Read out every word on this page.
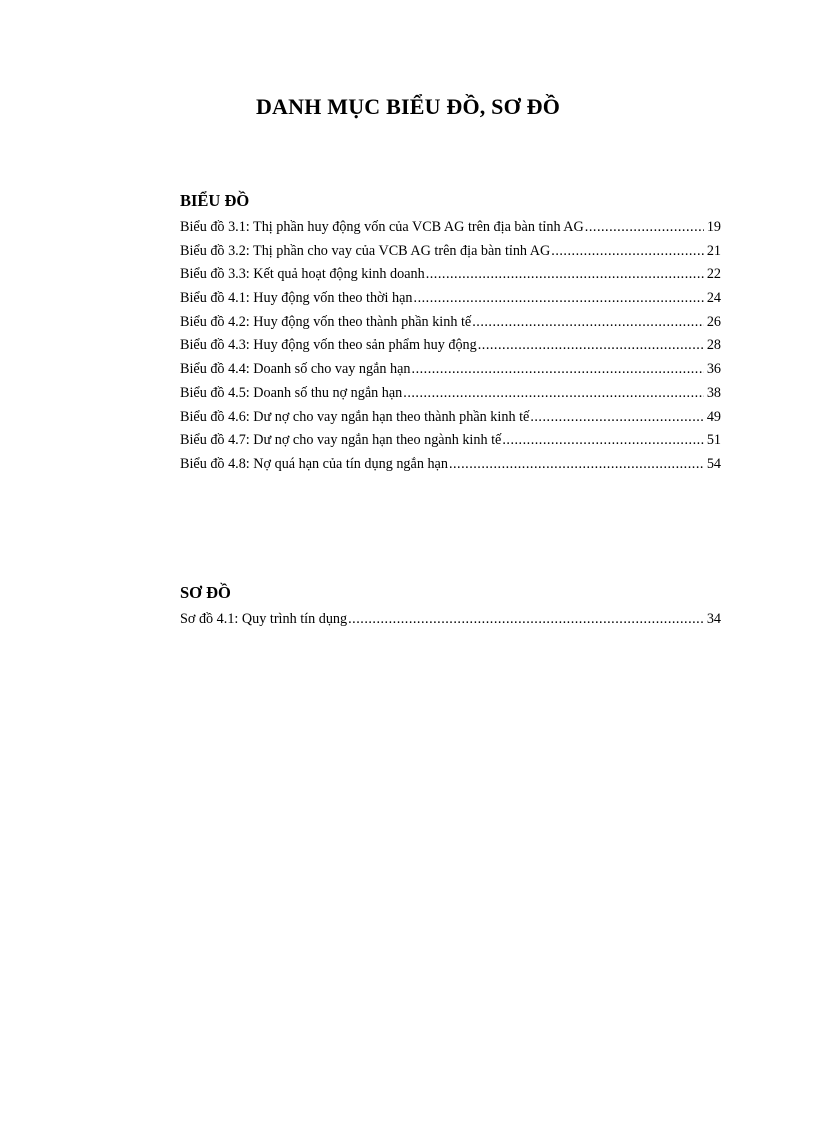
DANH MỤC BIỂU ĐỒ, SƠ ĐỒ
BIỂU ĐỒ
Biểu đồ 3.1: Thị phần huy động vốn của VCB AG trên địa bàn tỉnh AG .....	19
Biểu đồ 3.2: Thị phần cho vay của VCB AG trên địa bàn tỉnh AG .....	21
Biểu đồ 3.3: Kết quả hoạt động kinh doanh .....	22
Biểu đồ 4.1: Huy động vốn theo thời hạn .....	24
Biểu đồ 4.2: Huy động vốn theo thành phần kinh tế .....	26
Biểu đồ 4.3: Huy động vốn theo sản phẩm huy động .....	28
Biểu đồ 4.4: Doanh số cho vay ngắn hạn .....	36
Biểu đồ 4.5: Doanh số thu nợ ngắn hạn .....	38
Biểu đồ 4.6: Dư nợ cho vay ngắn hạn theo thành phần kinh tế .....	49
Biểu đồ 4.7: Dư nợ cho vay ngắn hạn theo ngành kinh tế .....	51
Biểu đồ 4.8: Nợ quá hạn của tín dụng ngắn hạn .....	54
SƠ ĐỒ
Sơ đồ 4.1: Quy trình tín dụng .....	34
